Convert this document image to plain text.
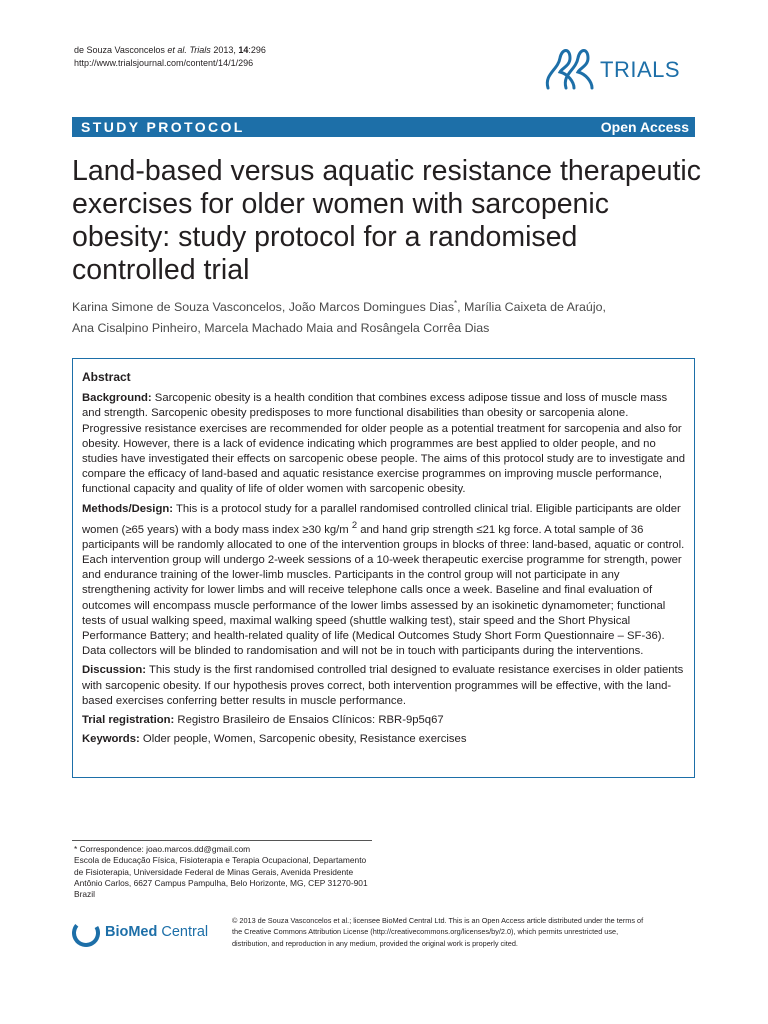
de Souza Vasconcelos et al. Trials 2013, 14:296
http://www.trialsjournal.com/content/14/1/296	TRIALS
STUDY PROTOCOL	Open Access
Land-based versus aquatic resistance therapeutic
exercises for older women with sarcopenic
obesity: study protocol for a randomised
controlled trial
Karina Simone de Souza Vasconcelos, João Marcos Domingues Dias*, Marília Caixeta de Araújo,
Ana Cisalpino Pinheiro, Marcela Machado Maia and Rosângela Corrêa Dias
Abstract

Background: Sarcopenic obesity is a health condition that combines excess adipose tissue and loss of muscle mass and strength. Sarcopenic obesity predisposes to more functional disabilities than obesity or sarcopenia alone. Progressive resistance exercises are recommended for older people as a potential treatment for sarcopenia and also for obesity. However, there is a lack of evidence indicating which programmes are best applied to older people, and no studies have investigated their effects on sarcopenic obese people. The aims of this protocol study are to investigate and compare the efficacy of land-based and aquatic resistance exercise programmes on improving muscle performance, functional capacity and quality of life of older women with sarcopenic obesity.

Methods/Design: This is a protocol study for a parallel randomised controlled clinical trial. Eligible participants are older women (≥65 years) with a body mass index ≥30 kg/m $^2$ and hand grip strength ≤21 kg force. A total sample of 36 participants will be randomly allocated to one of the intervention groups in blocks of three: land-based, aquatic or control. Each intervention group will undergo 2-week sessions of a 10-week therapeutic exercise programme for strength, power and endurance training of the lower-limb muscles. Participants in the control group will not participate in any strengthening activity for lower limbs and will receive telephone calls once a week. Baseline and final evaluation of outcomes will encompass muscle performance of the lower limbs assessed by an isokinetic dynamometer; functional tests of usual walking speed, maximal walking speed (shuttle walking test), stair speed and the Short Physical Performance Battery; and health-related quality of life (Medical Outcomes Study Short Form Questionnaire – SF-36). Data collectors will be blinded to randomisation and will not be in touch with participants during the interventions.

Discussion: This study is the first randomised controlled trial designed to evaluate resistance exercises in older patients with sarcopenic obesity. If our hypothesis proves correct, both intervention programmes will be effective, with the land-based exercises conferring better results in muscle performance.

Trial registration: Registro Brasileiro de Ensaios Clínicos: RBR-9p5q67

Keywords: Older people, Women, Sarcopenic obesity, Resistance exercises

* Correspondence: joao.marcos.dd@gmail.com
Escola de Educação Física, Fisioterapia e Terapia Ocupacional, Departamento
de Fisioterapia, Universidade Federal de Minas Gerais, Avenida Presidente
Antônio Carlos, 6627 Campus Pampulha, Belo Horizonte, MG, CEP 31270-901
Brazil
BioMed Central
© 2013 de Souza Vasconcelos et al.; licensee BioMed Central Ltd. This is an Open Access article distributed under the terms of
the Creative Commons Attribution License (http://creativecommons.org/licenses/by/2.0), which permits unrestricted use,
distribution, and reproduction in any medium, provided the original work is properly cited.
